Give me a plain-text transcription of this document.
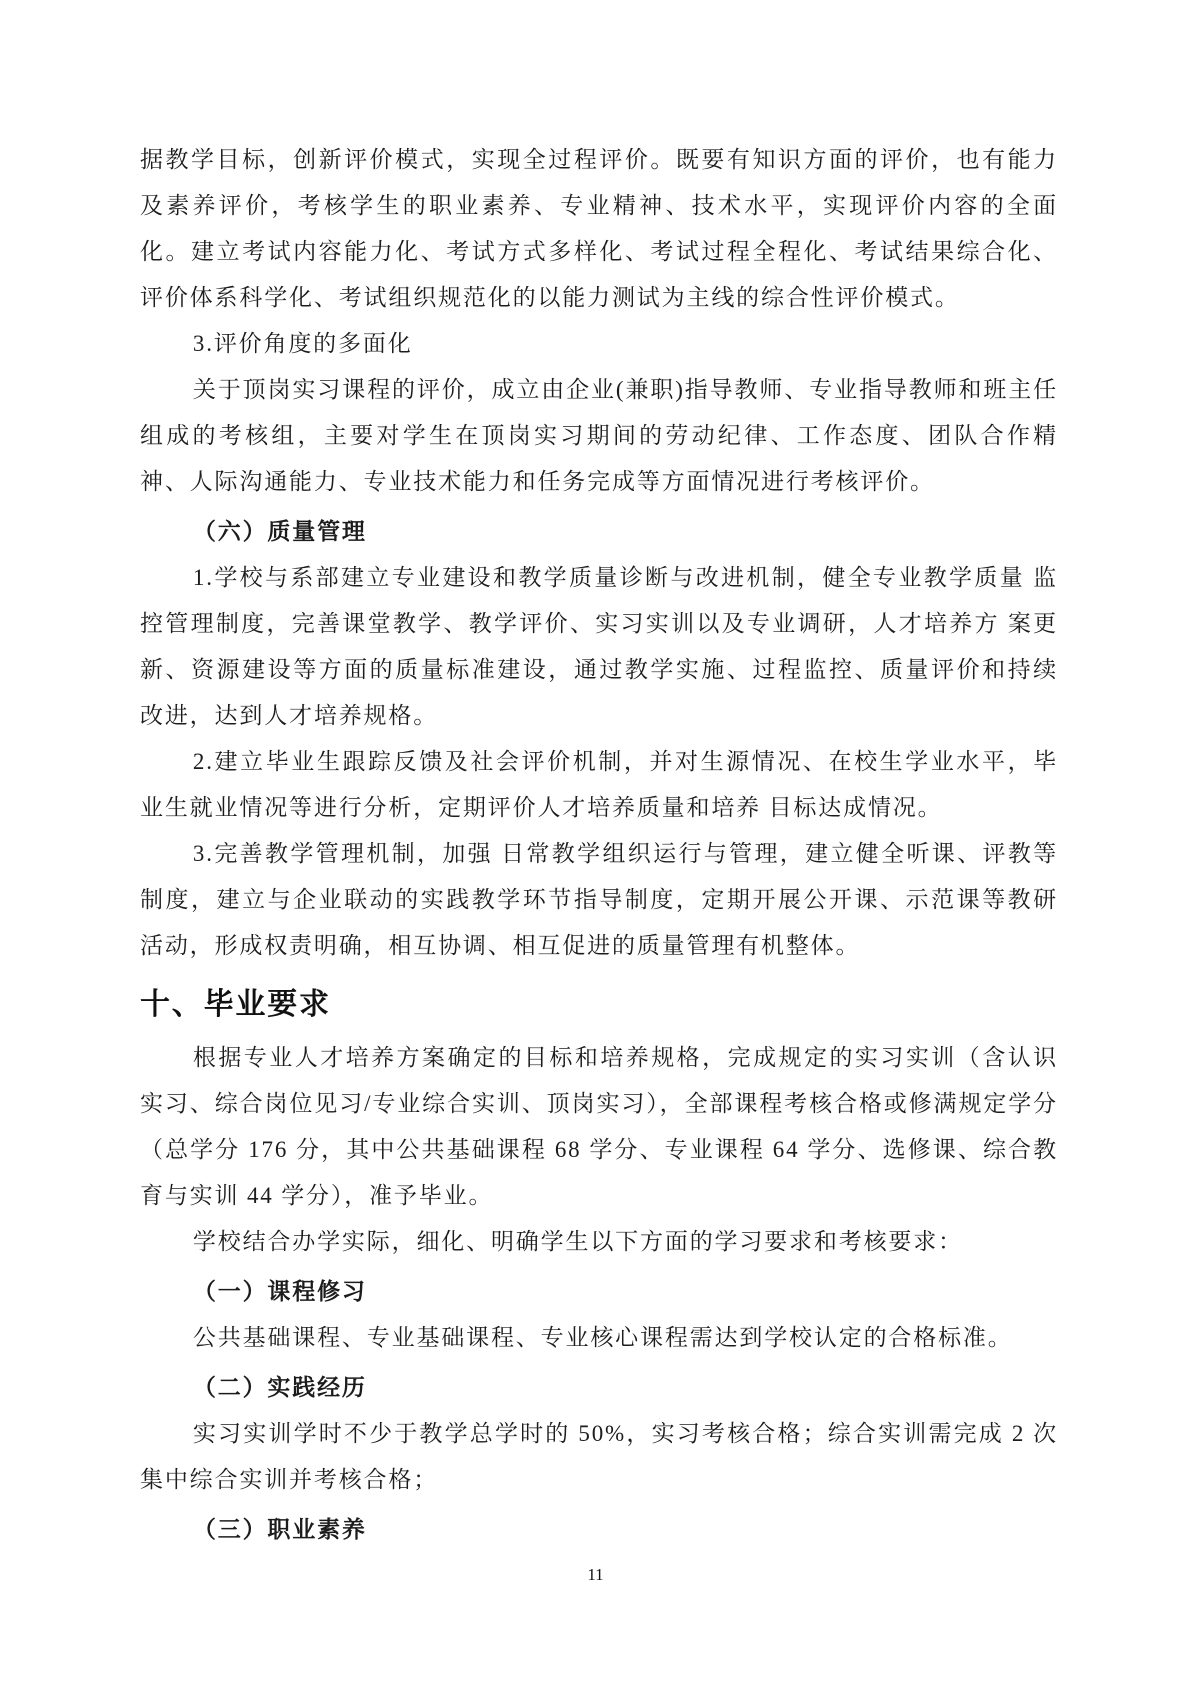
据教学目标，创新评价模式，实现全过程评价。既要有知识方面的评价，也有能力及素养评价，考核学生的职业素养、专业精神、技术水平，实现评价内容的全面化。建立考试内容能力化、考试方式多样化、考试过程全程化、考试结果综合化、评价体系科学化、考试组织规范化的以能力测试为主线的综合性评价模式。

3.评价角度的多面化

关于顶岗实习课程的评价，成立由企业(兼职)指导教师、专业指导教师和班主任组成的考核组，主要对学生在顶岗实习期间的劳动纪律、工作态度、团队合作精神、人际沟通能力、专业技术能力和任务完成等方面情况进行考核评价。

（六）质量管理

1.学校与系部建立专业建设和教学质量诊断与改进机制，健全专业教学质量 监控管理制度，完善课堂教学、教学评价、实习实训以及专业调研，人才培养方 案更新、资源建设等方面的质量标准建设，通过教学实施、过程监控、质量评价和持续改进，达到人才培养规格。

2.建立毕业生跟踪反馈及社会评价机制，并对生源情况、在校生学业水平，毕业生就业情况等进行分析，定期评价人才培养质量和培养 目标达成情况。

3.完善教学管理机制，加强 日常教学组织运行与管理，建立健全听课、评教等制度，建立与企业联动的实践教学环节指导制度，定期开展公开课、示范课等教研活动，形成权责明确，相互协调、相互促进的质量管理有机整体。

十、毕业要求

根据专业人才培养方案确定的目标和培养规格，完成规定的实习实训（含认识实习、综合岗位见习/专业综合实训、顶岗实习），全部课程考核合格或修满规定学分（总学分 176 分，其中公共基础课程 68 学分、专业课程 64 学分、选修课、综合教育与实训 44 学分），准予毕业。

学校结合办学实际，细化、明确学生以下方面的学习要求和考核要求：

（一）课程修习

公共基础课程、专业基础课程、专业核心课程需达到学校认定的合格标准。

（二）实践经历

实习实训学时不少于教学总学时的 50%，实习考核合格；综合实训需完成 2 次集中综合实训并考核合格；

（三）职业素养
11
